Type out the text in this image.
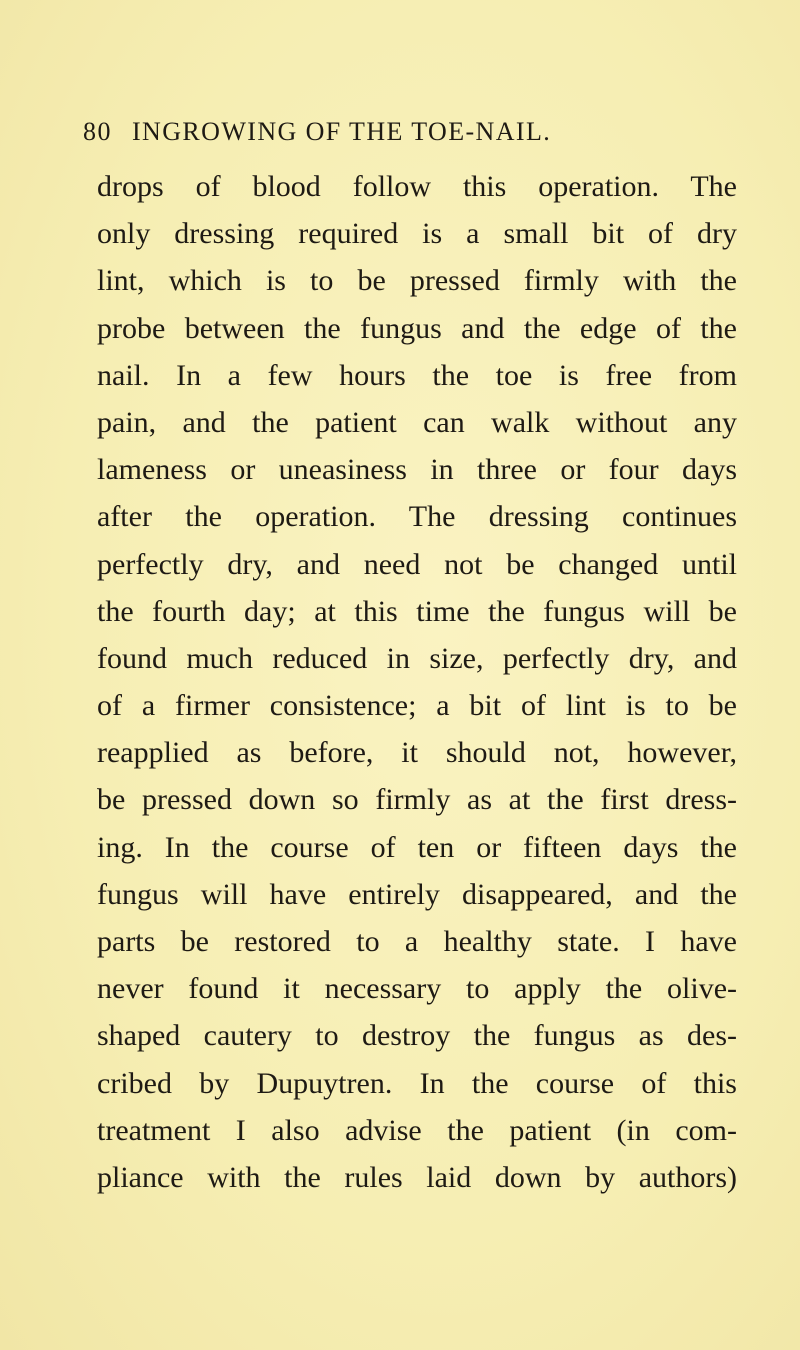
80 INGROWING OF THE TOE-NAIL.
drops of blood follow this operation. The
only dressing required is a small bit of dry
lint, which is to be pressed firmly with the
probe between the fungus and the edge of the
nail. In a few hours the toe is free from
pain, and the patient can walk without any
lameness or uneasiness in three or four days
after the operation. The dressing continues
perfectly dry, and need not be changed until
the fourth day; at this time the fungus will be
found much reduced in size, perfectly dry, and
of a firmer consistence; a bit of lint is to be
reapplied as before, it should not, however,
be pressed down so firmly as at the first dress-
ing. In the course of ten or fifteen days the
fungus will have entirely disappeared, and the
parts be restored to a healthy state. I have
never found it necessary to apply the olive-
shaped cautery to destroy the fungus as des-
cribed by Dupuytren. In the course of this
treatment I also advise the patient (in com-
pliance with the rules laid down by authors)
